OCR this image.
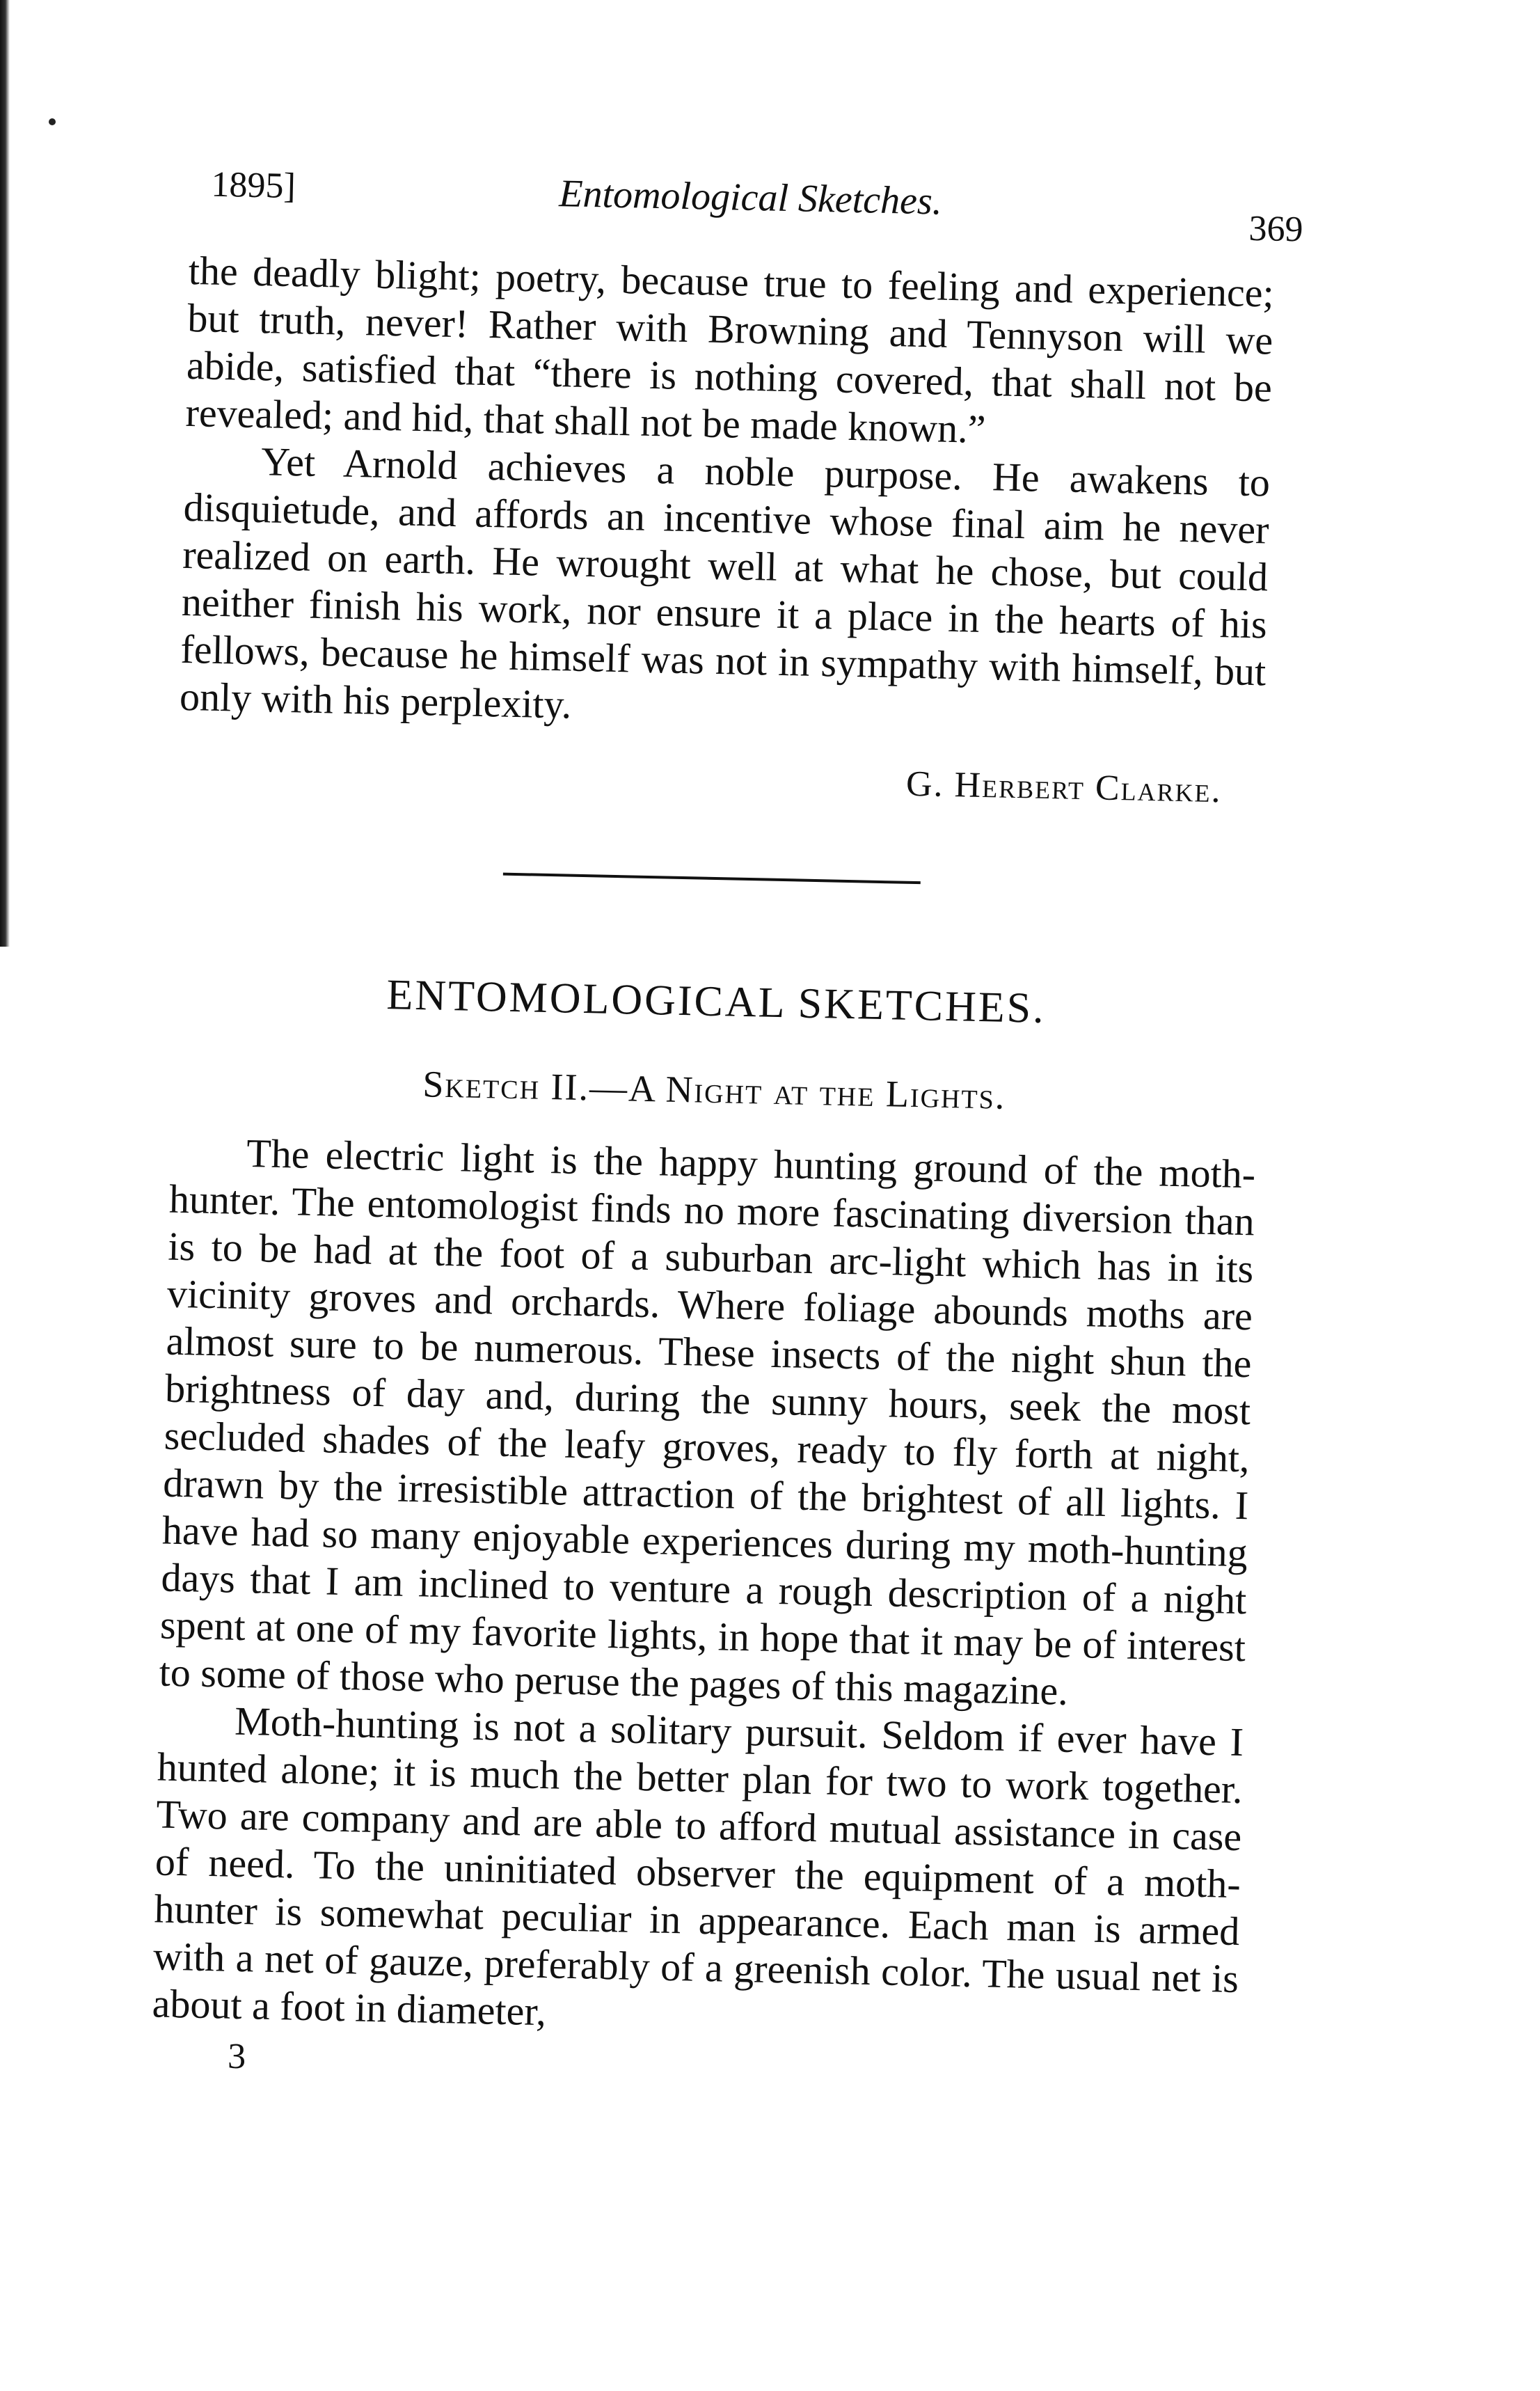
1895]	Entomological Sketches.
369

the deadly blight; poetry, because true to feeling and experience; but truth, never! Rather with Browning and Tennyson will we abide, satisfied that “there is nothing covered, that shall not be revealed; and hid, that shall not be made known.”

Yet Arnold achieves a noble purpose. He awakens to disquietude, and affords an incentive whose final aim he never realized on earth. He wrought well at what he chose, but could neither finish his work, nor ensure it a place in the hearts of his fellows, because he himself was not in sympathy with himself, but only with his perplexity.

G. Herbert Clarke.
ENTOMOLOGICAL SKETCHES.
Sketch II.—A Night at the Lights.

The electric light is the happy hunting ground of the moth-hunter. The entomologist finds no more fascinating diversion than is to be had at the foot of a suburban arc-light which has in its vicinity groves and orchards. Where foliage abounds moths are almost sure to be numerous. These insects of the night shun the brightness of day and, during the sunny hours, seek the most secluded shades of the leafy groves, ready to fly forth at night, drawn by the irresistible attraction of the brightest of all lights. I have had so many enjoyable experiences during my moth-hunting days that I am inclined to venture a rough description of a night spent at one of my favorite lights, in hope that it may be of interest to some of those who peruse the pages of this magazine.

Moth-hunting is not a solitary pursuit. Seldom if ever have I hunted alone; it is much the better plan for two to work together. Two are company and are able to afford mutual assistance in case of need. To the uninitiated observer the equipment of a moth-hunter is somewhat peculiar in appearance. Each man is armed with a net of gauze, preferably of a greenish color. The usual net is about a foot in diameter,

3
